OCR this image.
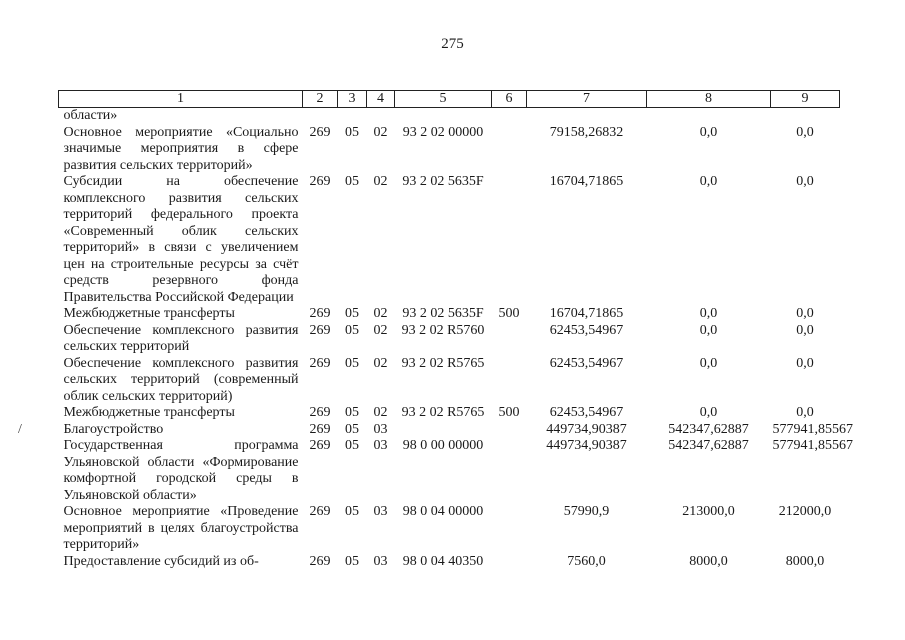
275
/
1	2	3	4	5	6	7	8	9
области»								
Основное мероприятие «Социально значимые мероприятия в сфере развития сельских территорий»	269	05	02	93 2 02 00000		79158,26832	0,0	0,0
Субсидии на обеспечение комплексного развития сельских территорий федерального проекта «Современный облик сельских территорий» в связи с увеличением цен на строительные ресурсы за счёт средств резервного фонда Правительства Российской Федерации	269	05	02	93 2 02 5635F		16704,71865	0,0	0,0
Межбюджетные трансферты	269	05	02	93 2 02 5635F	500	16704,71865	0,0	0,0
Обеспечение комплексного развития сельских территорий	269	05	02	93 2 02 R5760		62453,54967	0,0	0,0
Обеспечение комплексного развития сельских территорий (современный облик сельских территорий)	269	05	02	93 2 02 R5765		62453,54967	0,0	0,0
Межбюджетные трансферты	269	05	02	93 2 02 R5765	500	62453,54967	0,0	0,0
Благоустройство	269	05	03			449734,90387	542347,62887	577941,85567
Государственная программа Ульяновской области «Формирование комфортной городской среды в Ульяновской области»	269	05	03	98 0 00 00000		449734,90387	542347,62887	577941,85567
Основное мероприятие «Проведение мероприятий в целях благоустройства территорий»	269	05	03	98 0 04 00000		57990,9	213000,0	212000,0
Предоставление субсидий из об-	269	05	03	98 0 04 40350		7560,0	8000,0	8000,0
